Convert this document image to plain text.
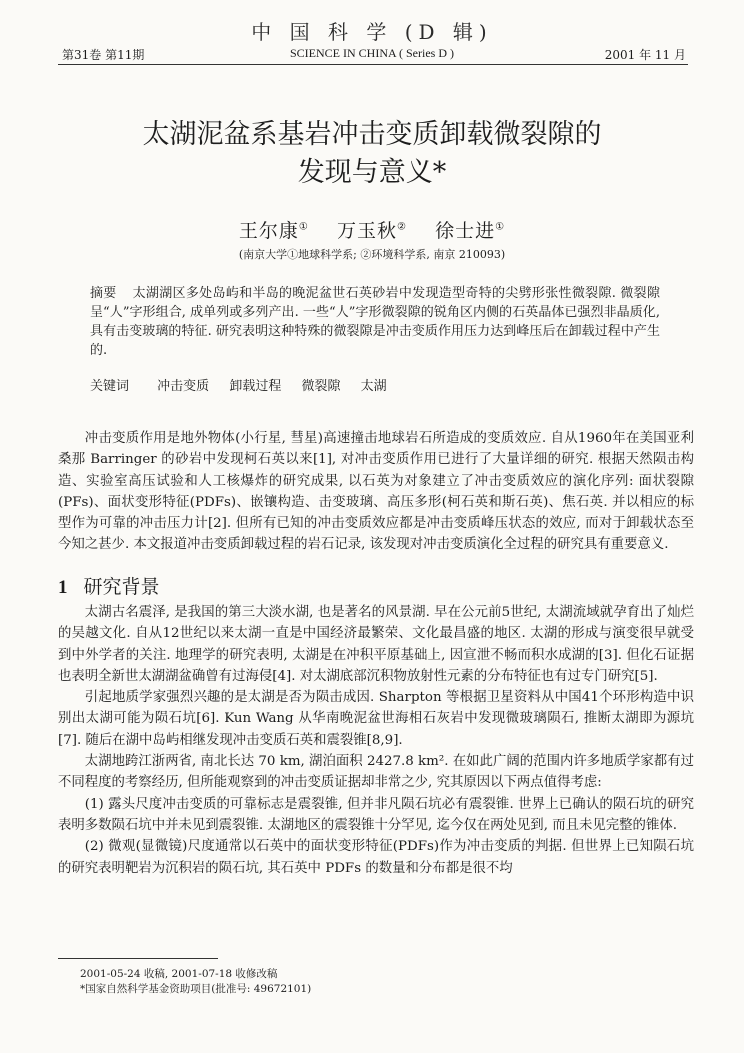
中 国 科 学 (D 辑)
第31卷 第11期	SCIENCE IN CHINA ( Series D )	2001 年 11 月
太湖泥盆系基岩冲击变质卸载微裂隙的
发现与意义*
王尔康① 万玉秋② 徐士进①
(南京大学①地球科学系; ②环境科学系, 南京 210093)
摘要 太湖湖区多处岛屿和半岛的晚泥盆世石英砂岩中发现造型奇特的尖劈形张性微裂隙. 微裂隙呈“人”字形组合, 成单列或多列产出. 一些“人”字形微裂隙的锐角区内侧的石英晶体已强烈非晶质化, 具有击变玻璃的特征. 研究表明这种特殊的微裂隙是冲击变质作用压力达到峰压后在卸载过程中产生的.
关键词 冲击变质 卸载过程 微裂隙 太湖

冲击变质作用是地外物体(小行星, 彗星)高速撞击地球岩石所造成的变质效应. 自从1960年在美国亚利桑那 Barringer 的砂岩中发现柯石英以来[1], 对冲击变质作用已进行了大量详细的研究. 根据天然陨击构造、实验室高压试验和人工核爆炸的研究成果, 以石英为对象建立了冲击变质效应的演化序列: 面状裂隙(PFs)、面状变形特征(PDFs)、嵌镶构造、击变玻璃、高压多形(柯石英和斯石英)、焦石英. 并以相应的标型作为可靠的冲击压力计[2]. 但所有已知的冲击变质效应都是冲击变质峰压状态的效应, 而对于卸载状态至今知之甚少. 本文报道冲击变质卸载过程的岩石记录, 该发现对冲击变质演化全过程的研究具有重要意义.

1 研究背景

太湖古名震泽, 是我国的第三大淡水湖, 也是著名的风景湖. 早在公元前5世纪, 太湖流域就孕育出了灿烂的吴越文化. 自从12世纪以来太湖一直是中国经济最繁荣、文化最昌盛的地区. 太湖的形成与演变很早就受到中外学者的关注. 地理学的研究表明, 太湖是在冲积平原基础上, 因宣泄不畅而积水成湖的[3]. 但化石证据也表明全新世太湖湖盆确曾有过海侵[4]. 对太湖底部沉积物放射性元素的分布特征也有过专门研究[5].

引起地质学家强烈兴趣的是太湖是否为陨击成因. Sharpton 等根据卫星资料从中国41个环形构造中识别出太湖可能为陨石坑[6]. Kun Wang 从华南晚泥盆世海相石灰岩中发现微玻璃陨石, 推断太湖即为源坑[7]. 随后在湖中岛屿相继发现冲击变质石英和震裂锥[8,9].

太湖地跨江浙两省, 南北长达 70 km, 湖泊面积 2427.8 km². 在如此广阔的范围内许多地质学家都有过不同程度的考察经历, 但所能观察到的冲击变质证据却非常之少, 究其原因以下两点值得考虑:

(1) 露头尺度冲击变质的可靠标志是震裂锥, 但并非凡陨石坑必有震裂锥. 世界上已确认的陨石坑的研究表明多数陨石坑中并未见到震裂锥. 太湖地区的震裂锥十分罕见, 迄今仅在两处见到, 而且未见完整的锥体.

(2) 微观(显微镜)尺度通常以石英中的面状变形特征(PDFs)作为冲击变质的判据. 但世界上已知陨石坑的研究表明靶岩为沉积岩的陨石坑, 其石英中 PDFs 的数量和分布都是很不均

2001-05-24 收稿, 2001-07-18 收修改稿
*国家自然科学基金资助项目(批准号: 49672101)
